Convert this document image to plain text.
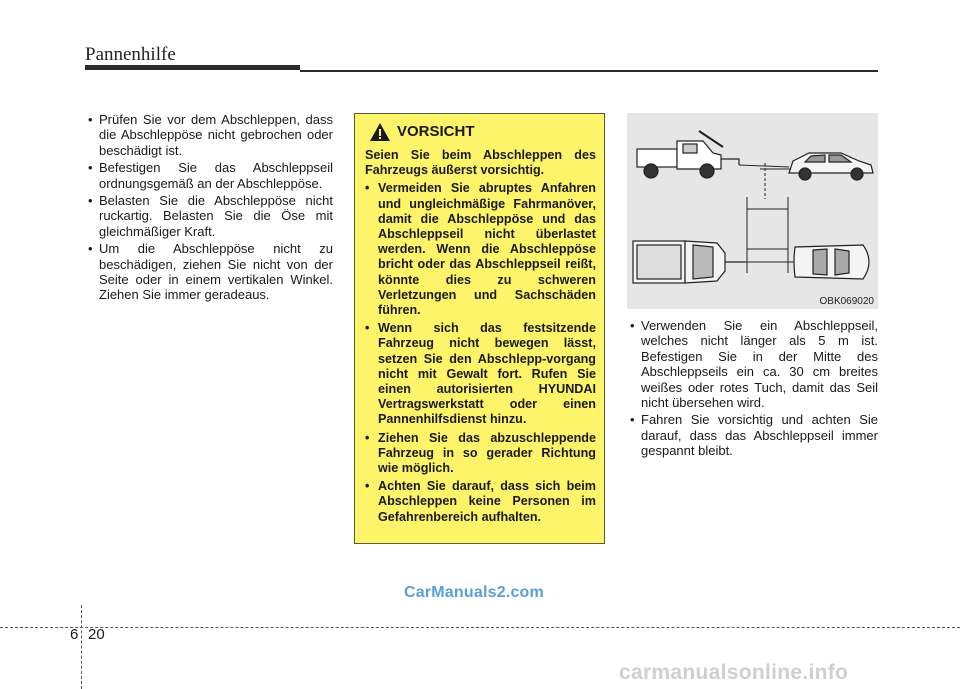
Pannenhilfe
• Prüfen Sie vor dem Abschleppen, dass die Abschleppöse nicht gebrochen oder beschädigt ist.
• Befestigen Sie das Abschleppseil ordnungsgemäß an der Abschleppöse.
• Belasten Sie die Abschleppöse nicht ruckartig. Belasten Sie die Öse mit gleichmäßiger Kraft.
• Um die Abschleppöse nicht zu beschädigen, ziehen Sie nicht von der Seite oder in einem vertikalen Winkel. Ziehen Sie immer geradeaus.
VORSICHT

Seien Sie beim Abschleppen des Fahrzeugs äußerst vorsichtig.

• Vermeiden Sie abruptes Anfahren und ungleichmäßige Fahrmanöver, damit die Abschleppöse und das Abschleppseil nicht überlastet werden. Wenn die Abschleppöse bricht oder das Abschleppseil reißt, könnte dies zu schweren Verletzungen und Sachschäden führen.
• Wenn sich das festsitzende Fahrzeug nicht bewegen lässt, setzen Sie den Abschlepp-vorgang nicht mit Gewalt fort. Rufen Sie einen autorisierten HYUNDAI Vertragswerkstatt oder einen Pannenhilfsdienst hinzu.
• Ziehen Sie das abzuschleppende Fahrzeug in so gerader Richtung wie möglich.
• Achten Sie darauf, dass sich beim Abschleppen keine Personen im Gefahrenbereich aufhalten.
OBK069020
• Verwenden Sie ein Abschleppseil, welches nicht länger als 5 m ist. Befestigen Sie in der Mitte des Abschleppseils ein ca. 30 cm breites weißes oder rotes Tuch, damit das Seil nicht übersehen wird.
• Fahren Sie vorsichtig und achten Sie darauf, dass das Abschleppseil immer gespannt bleibt.
CarManuals2.com
6 20
carmanualsonline.info
